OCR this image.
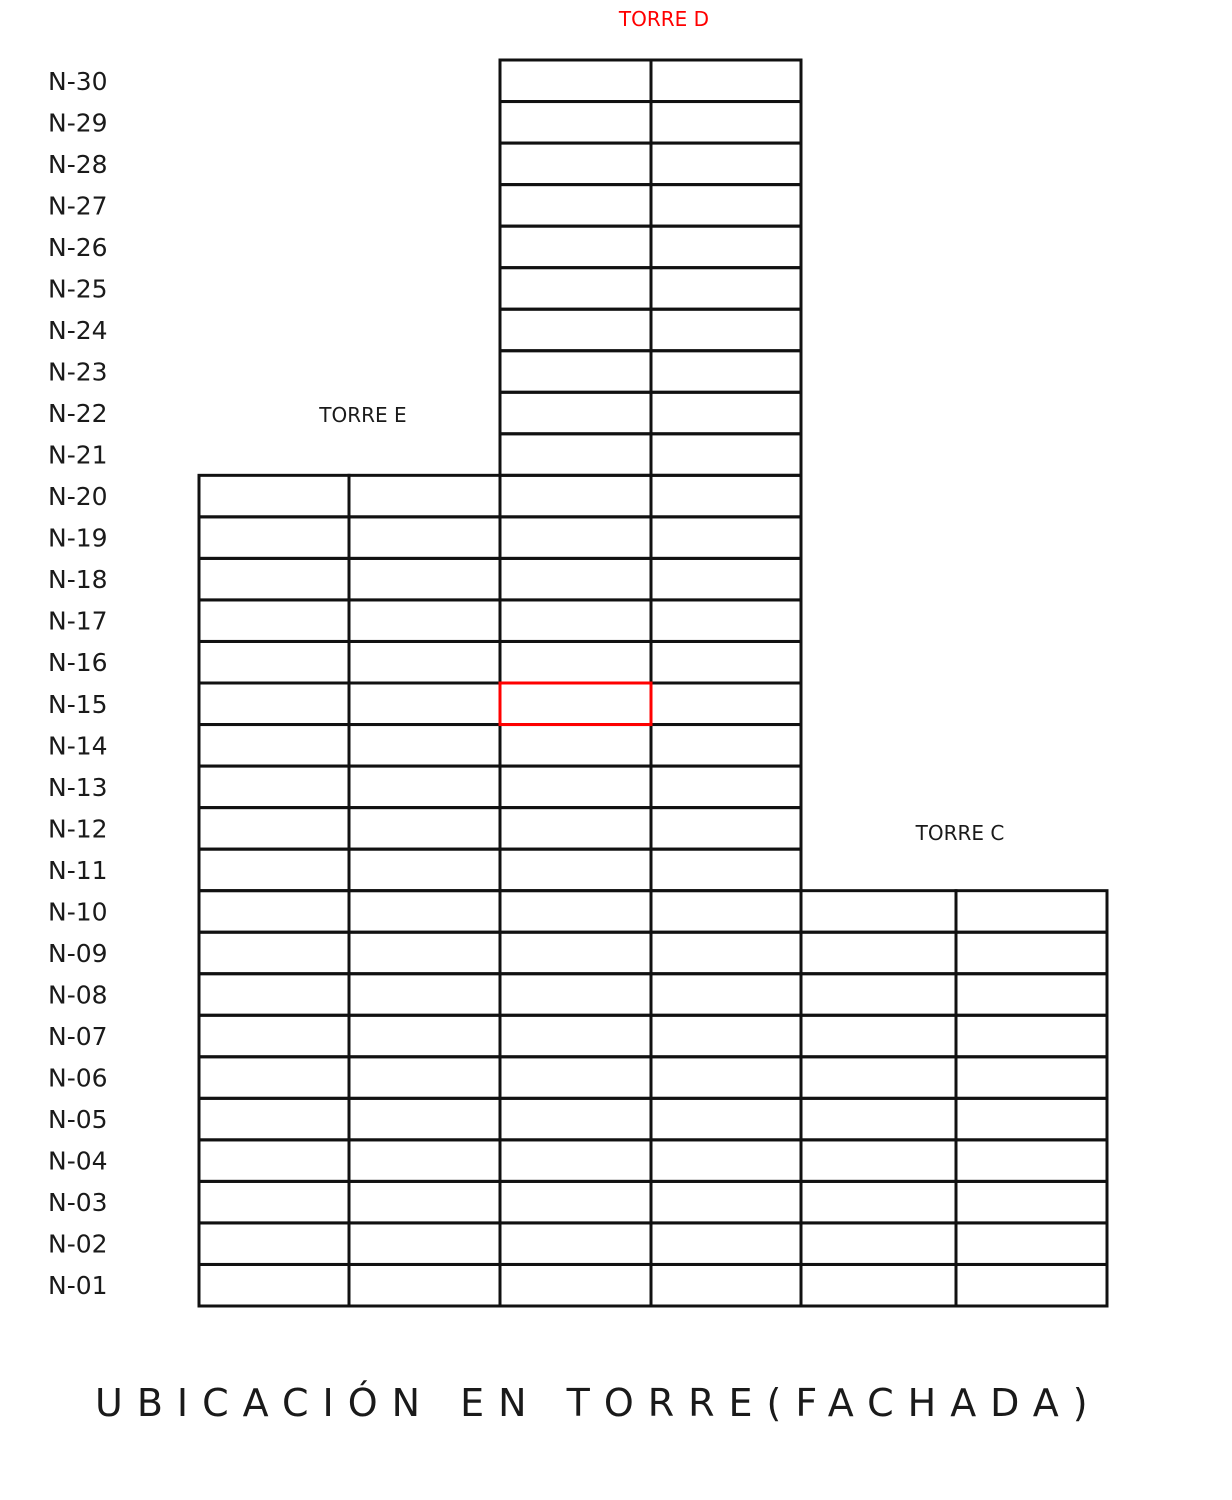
TORRE D
TORRE E
TORRE C
N-30
N-29
N-28
N-27
N-26
N-25
N-24
N-23
N-22
N-21
N-20
N-19
N-18
N-17
N-16
N-15
N-14
N-13
N-12
N-11
N-10
N-09
N-08
N-07
N-06
N-05
N-04
N-03
N-02
N-01
UBICACIÓN EN TORRE(FACHADA)
